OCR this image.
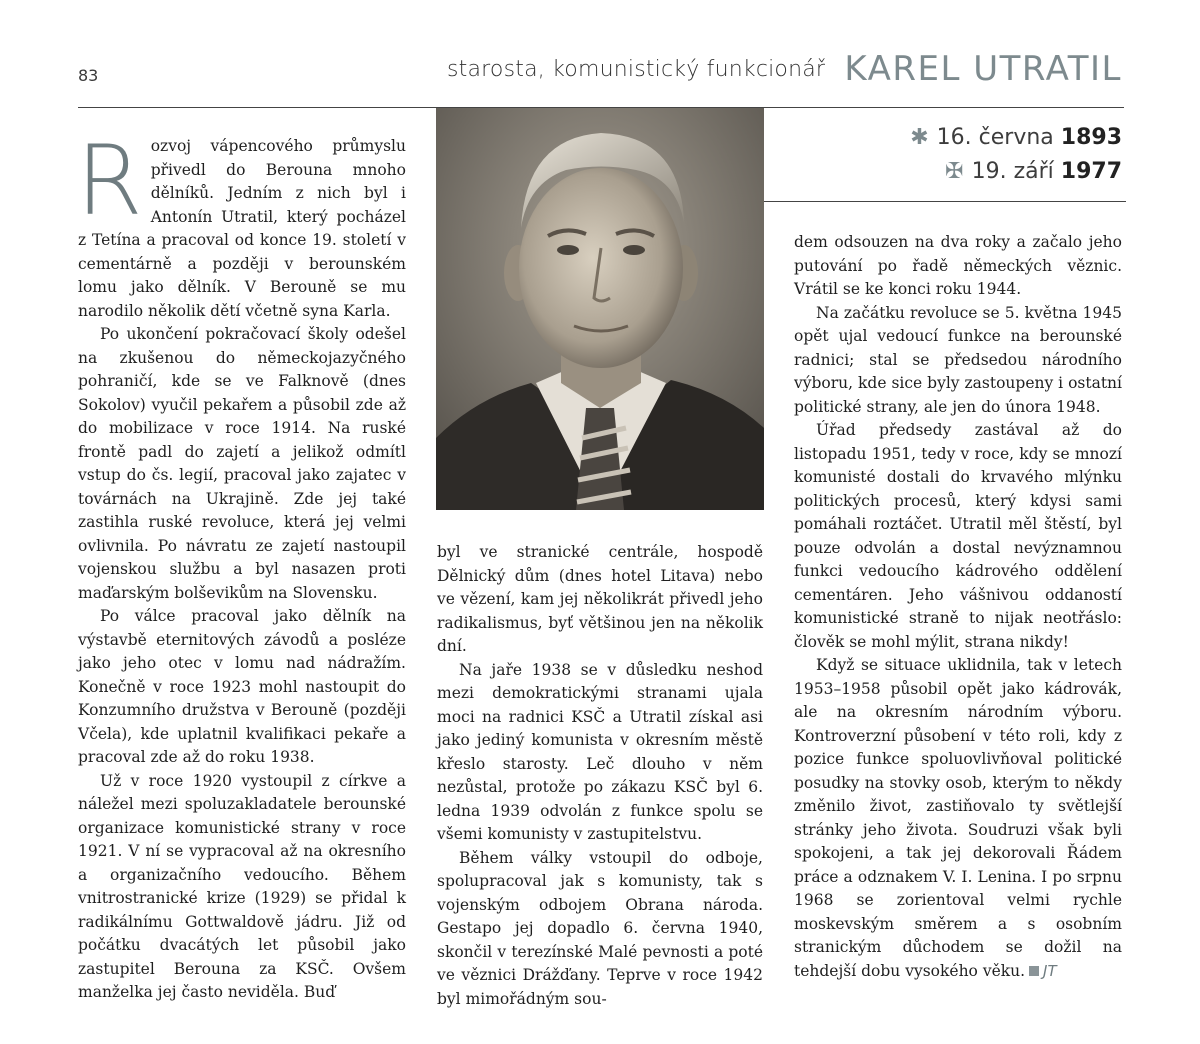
83	starosta, komunistický funkcionář KAREL UTRATIL
✱ 16. června 1893
✠ 19. září 1977

Rozvoj vápencového průmyslu přivedl do Berouna mnoho dělníků. Jedním z nich byl i Antonín Utratil, který pocházel z Tetína a pracoval od konce 19. století v cementárně a později v berounském lomu jako dělník. V Berouně se mu narodilo několik dětí včetně syna Karla.

Po ukončení pokračovací školy odešel na zkušenou do německojazyčného pohraničí, kde se ve Falknově (dnes Sokolov) vyučil pekařem a působil zde až do mobilizace v roce 1914. Na ruské frontě padl do zajetí a jelikož odmítl vstup do čs. legií, pracoval jako zajatec v továrnách na Ukrajině. Zde jej také zastihla ruské revoluce, která jej velmi ovlivnila. Po návratu ze zajetí nastoupil vojenskou službu a byl nasazen proti maďarským bolševikům na Slovensku.

Po válce pracoval jako dělník na výstavbě eternitových závodů a posléze jako jeho otec v lomu nad nádražím. Konečně v roce 1923 mohl nastoupit do Konzumního družstva v Berouně (později Včela), kde uplatnil kvalifikaci pekaře a pracoval zde až do roku 1938.

Už v roce 1920 vystoupil z církve a náležel mezi spoluzakladatele berounské organizace komunistické strany v roce 1921. V ní se vypracoval až na okresního a organizačního vedoucího. Během vnitrostranické krize (1929) se přidal k radikálnímu Gottwaldově jádru. Již od počátku dvacátých let působil jako zastupitel Berouna za KSČ. Ovšem manželka jej často neviděla. Buď

byl ve stranické centrále, hospodě Dělnický dům (dnes hotel Litava) nebo ve vězení, kam jej několikrát přivedl jeho radikalismus, byť většinou jen na několik dní.

Na jaře 1938 se v důsledku neshod mezi demokratickými stranami ujala moci na radnici KSČ a Utratil získal asi jako jediný komunista v okresním městě křeslo starosty. Leč dlouho v něm nezůstal, protože po zákazu KSČ byl 6. ledna 1939 odvolán z funkce spolu se všemi komunisty v zastupitelstvu.

Během války vstoupil do odboje, spolupracoval jak s komunisty, tak s vojenským odbojem Obrana národa. Gestapo jej dopadlo 6. června 1940, skončil v terezínské Malé pevnosti a poté ve věznici Drážďany. Teprve v roce 1942 byl mimořádným sou-

dem odsouzen na dva roky a začalo jeho putování po řadě německých věznic. Vrátil se ke konci roku 1944.

Na začátku revoluce se 5. května 1945 opět ujal vedoucí funkce na berounské radnici; stal se předsedou národního výboru, kde sice byly zastoupeny i ostatní politické strany, ale jen do února 1948.

Úřad předsedy zastával až do listopadu 1951, tedy v roce, kdy se mnozí komunisté dostali do krvavého mlýnku politických procesů, který kdysi sami pomáhali roztáčet. Utratil měl štěstí, byl pouze odvolán a dostal nevýznamnou funkci vedoucího kádrového oddělení cementáren. Jeho vášnivou oddaností komunistické straně to nijak neotřáslo: člověk se mohl mýlit, strana nikdy!

Když se situace uklidnila, tak v letech 1953–1958 působil opět jako kádrovák, ale na okresním národním výboru. Kontroverzní působení v této roli, kdy z pozice funkce spoluovlivňoval politické posudky na stovky osob, kterým to někdy změnilo život, zastiňovalo ty světlejší stránky jeho života. Soudruzi však byli spokojeni, a tak jej dekorovali Řádem práce a odznakem V. I. Lenina. I po srpnu 1968 se zorientoval velmi rychle moskevským směrem a s osobním stranickým důchodem se dožil na tehdejší dobu vysokého věku. JT
